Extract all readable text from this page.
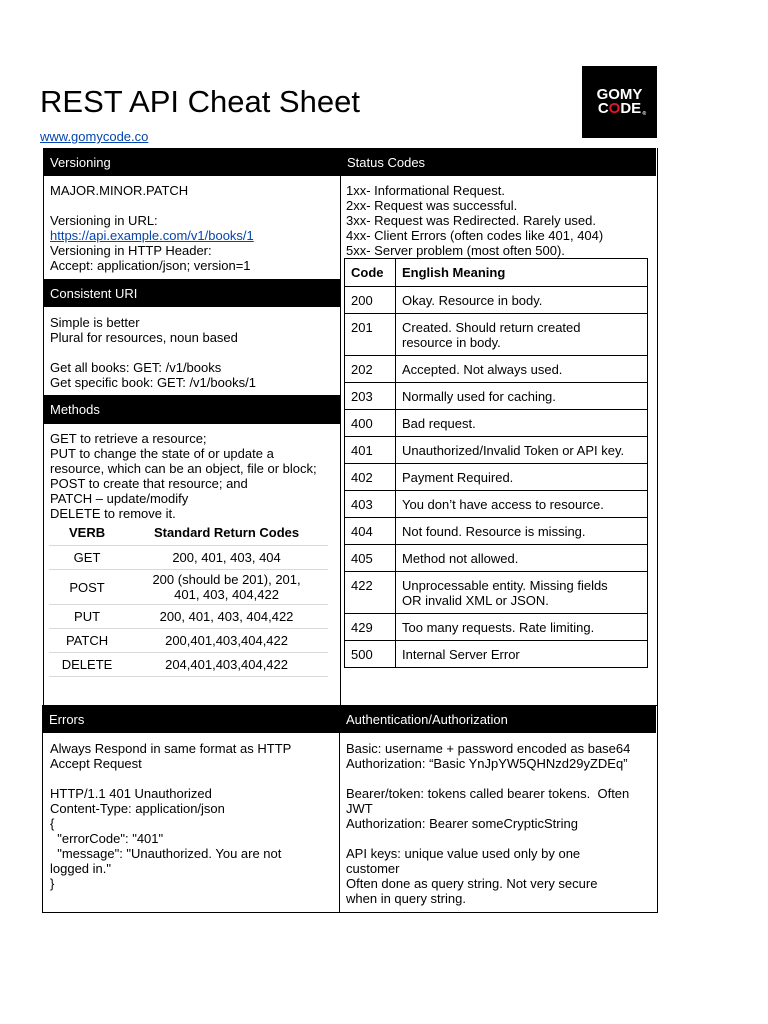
REST API Cheat Sheet
www.gomycode.co
GOMY
CODE ®
Versioning
MAJOR.MINOR.PATCH
Versioning in URL:
https://api.example.com/v1/books/1
Versioning in HTTP Header:
Accept: application/json; version=1
Consistent URI
Simple is better
Plural for resources, noun based

Get all books: GET: /v1/books
Get specific book: GET: /v1/books/1
Methods
GET to retrieve a resource;
PUT to change the state of or update a
resource, which can be an object, file or block;
POST to create that resource; and
PATCH – update/modify
DELETE to remove it.
VERB	Standard Return Codes
GET	200, 401, 403, 404
POST	200 (should be 201), 201,
401, 403, 404,422
PUT	200, 401, 403, 404,422
PATCH	200,401,403,404,422
DELETE	204,401,403,404,422
Status Codes
1xx- Informational Request.
2xx- Request was successful.
3xx- Request was Redirected. Rarely used.
4xx- Client Errors (often codes like 401, 404)
5xx- Server problem (most often 500).
Code	English Meaning
200	Okay. Resource in body.
201	Created. Should return created
resource in body.
202	Accepted. Not always used.
203	Normally used for caching.
400	Bad request.
401	Unauthorized/Invalid Token or API key.
402	Payment Required.
403	You don’t have access to resource.
404	Not found. Resource is missing.
405	Method not allowed.
422	Unprocessable entity. Missing fields
OR invalid XML or JSON.
429	Too many requests. Rate limiting.
500	Internal Server Error
Errors
Always Respond in same format as HTTP
Accept Request

HTTP/1.1 401 Unauthorized
Content-Type: application/json
{
"errorCode": "401"
"message": "Unauthorized. You are not
logged in."
}
Authentication/Authorization
Basic: username + password encoded as base64
Authorization: “Basic YnJpYW5QHNzd29yZDEq”

Bearer/token: tokens called bearer tokens.  Often
JWT
Authorization: Bearer someCrypticString

API keys: unique value used only by one
customer
Often done as query string. Not very secure
when in query string.
